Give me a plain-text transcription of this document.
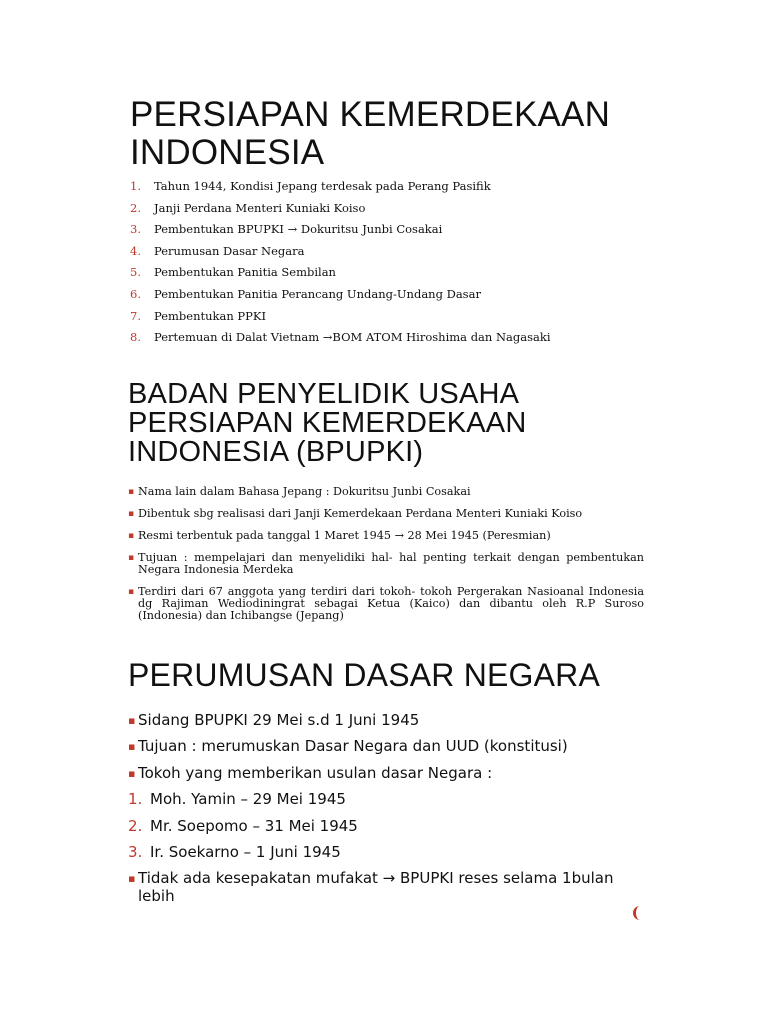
PERSIAPAN KEMERDEKAAN
INDONESIA
1. Tahun 1944, Kondisi Jepang terdesak pada Perang Pasifik
2. Janji Perdana Menteri Kuniaki Koiso
3. Pembentukan BPUPKI → Dokuritsu Junbi Cosakai
4. Perumusan Dasar Negara
5. Pembentukan Panitia Sembilan
6. Pembentukan Panitia Perancang Undang-Undang Dasar
7. Pembentukan PPKI
8. Pertemuan di Dalat Vietnam →BOM ATOM Hiroshima dan Nagasaki
BADAN PENYELIDIK USAHA
PERSIAPAN KEMERDEKAAN
INDONESIA (BPUPKI)
▪ Nama lain dalam Bahasa Jepang : Dokuritsu Junbi Cosakai
▪ Dibentuk sbg realisasi dari Janji Kemerdekaan Perdana Menteri Kuniaki Koiso
▪ Resmi terbentuk pada tanggal 1 Maret 1945 → 28 Mei 1945 (Peresmian)
▪ Tujuan : mempelajari dan menyelidiki hal- hal penting terkait dengan pembentukan Negara Indonesia Merdeka
▪ Terdiri dari 67 anggota yang terdiri dari tokoh- tokoh Pergerakan Nasioanal Indonesia dg Rajiman Wediodiningrat sebagai Ketua (Kaico) dan dibantu oleh R.P Suroso (Indonesia) dan Ichibangse (Jepang)
PERUMUSAN DASAR NEGARA
▪ Sidang BPUPKI 29 Mei s.d 1 Juni 1945
▪ Tujuan : merumuskan Dasar Negara dan UUD (konstitusi)
▪ Tokoh yang memberikan usulan dasar Negara :
1. Moh. Yamin – 29 Mei 1945
2. Mr. Soepomo – 31 Mei 1945
3. Ir. Soekarno – 1 Juni 1945
▪ Tidak ada kesepakatan mufakat → BPUPKI reses selama 1bulan lebih
